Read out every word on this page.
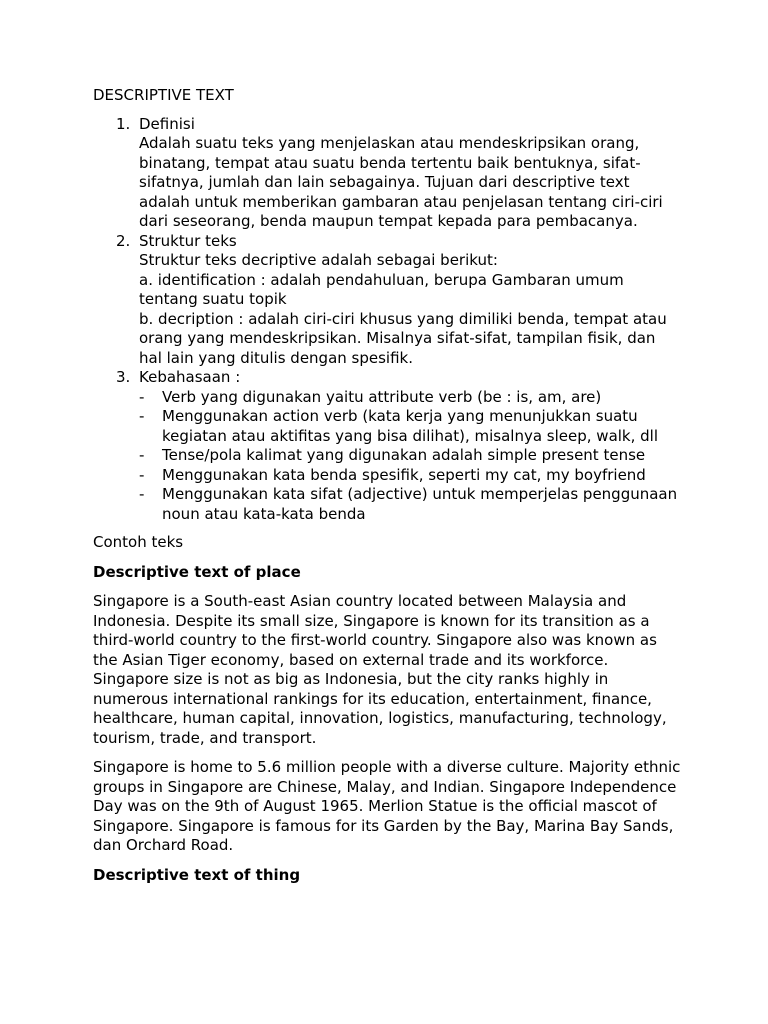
DESCRIPTIVE TEXT

1. Definisi

Adalah suatu teks yang menjelaskan atau mendeskripsikan orang, binatang, tempat atau suatu benda tertentu baik bentuknya, sifat-sifatnya, jumlah dan lain sebagainya. Tujuan dari descriptive text adalah untuk memberikan gambaran atau penjelasan tentang ciri-ciri dari seseorang, benda maupun tempat kepada para pembacanya.

2. Struktur teks

Struktur teks decriptive adalah sebagai berikut:

a. identification : adalah pendahuluan, berupa Gambaran umum tentang suatu topik

b. decription : adalah ciri-ciri khusus yang dimiliki benda, tempat atau orang yang mendeskripsikan. Misalnya sifat-sifat, tampilan fisik, dan hal lain yang ditulis dengan spesifik.

3. Kebahasaan :

- Verb yang digunakan yaitu attribute verb (be : is, am, are)
- Menggunakan action verb (kata kerja yang menunjukkan suatu kegiatan atau aktifitas yang bisa dilihat), misalnya sleep, walk, dll
- Tense/pola kalimat yang digunakan adalah simple present tense
- Menggunakan kata benda spesifik, seperti my cat, my boyfriend
- Menggunakan kata sifat (adjective) untuk memperjelas penggunaan noun atau kata-kata benda

Contoh teks

Descriptive text of place

Singapore is a South-east Asian country located between Malaysia and Indonesia. Despite its small size, Singapore is known for its transition as a third-world country to the first-world country. Singapore also was known as the Asian Tiger economy, based on external trade and its workforce. Singapore size is not as big as Indonesia, but the city ranks highly in numerous international rankings for its education, entertainment, finance, healthcare, human capital, innovation, logistics, manufacturing, technology, tourism, trade, and transport.

Singapore is home to 5.6 million people with a diverse culture. Majority ethnic groups in Singapore are Chinese, Malay, and Indian. Singapore Independence Day was on the 9th of August 1965. Merlion Statue is the official mascot of Singapore. Singapore is famous for its Garden by the Bay, Marina Bay Sands, dan Orchard Road.

Descriptive text of thing
